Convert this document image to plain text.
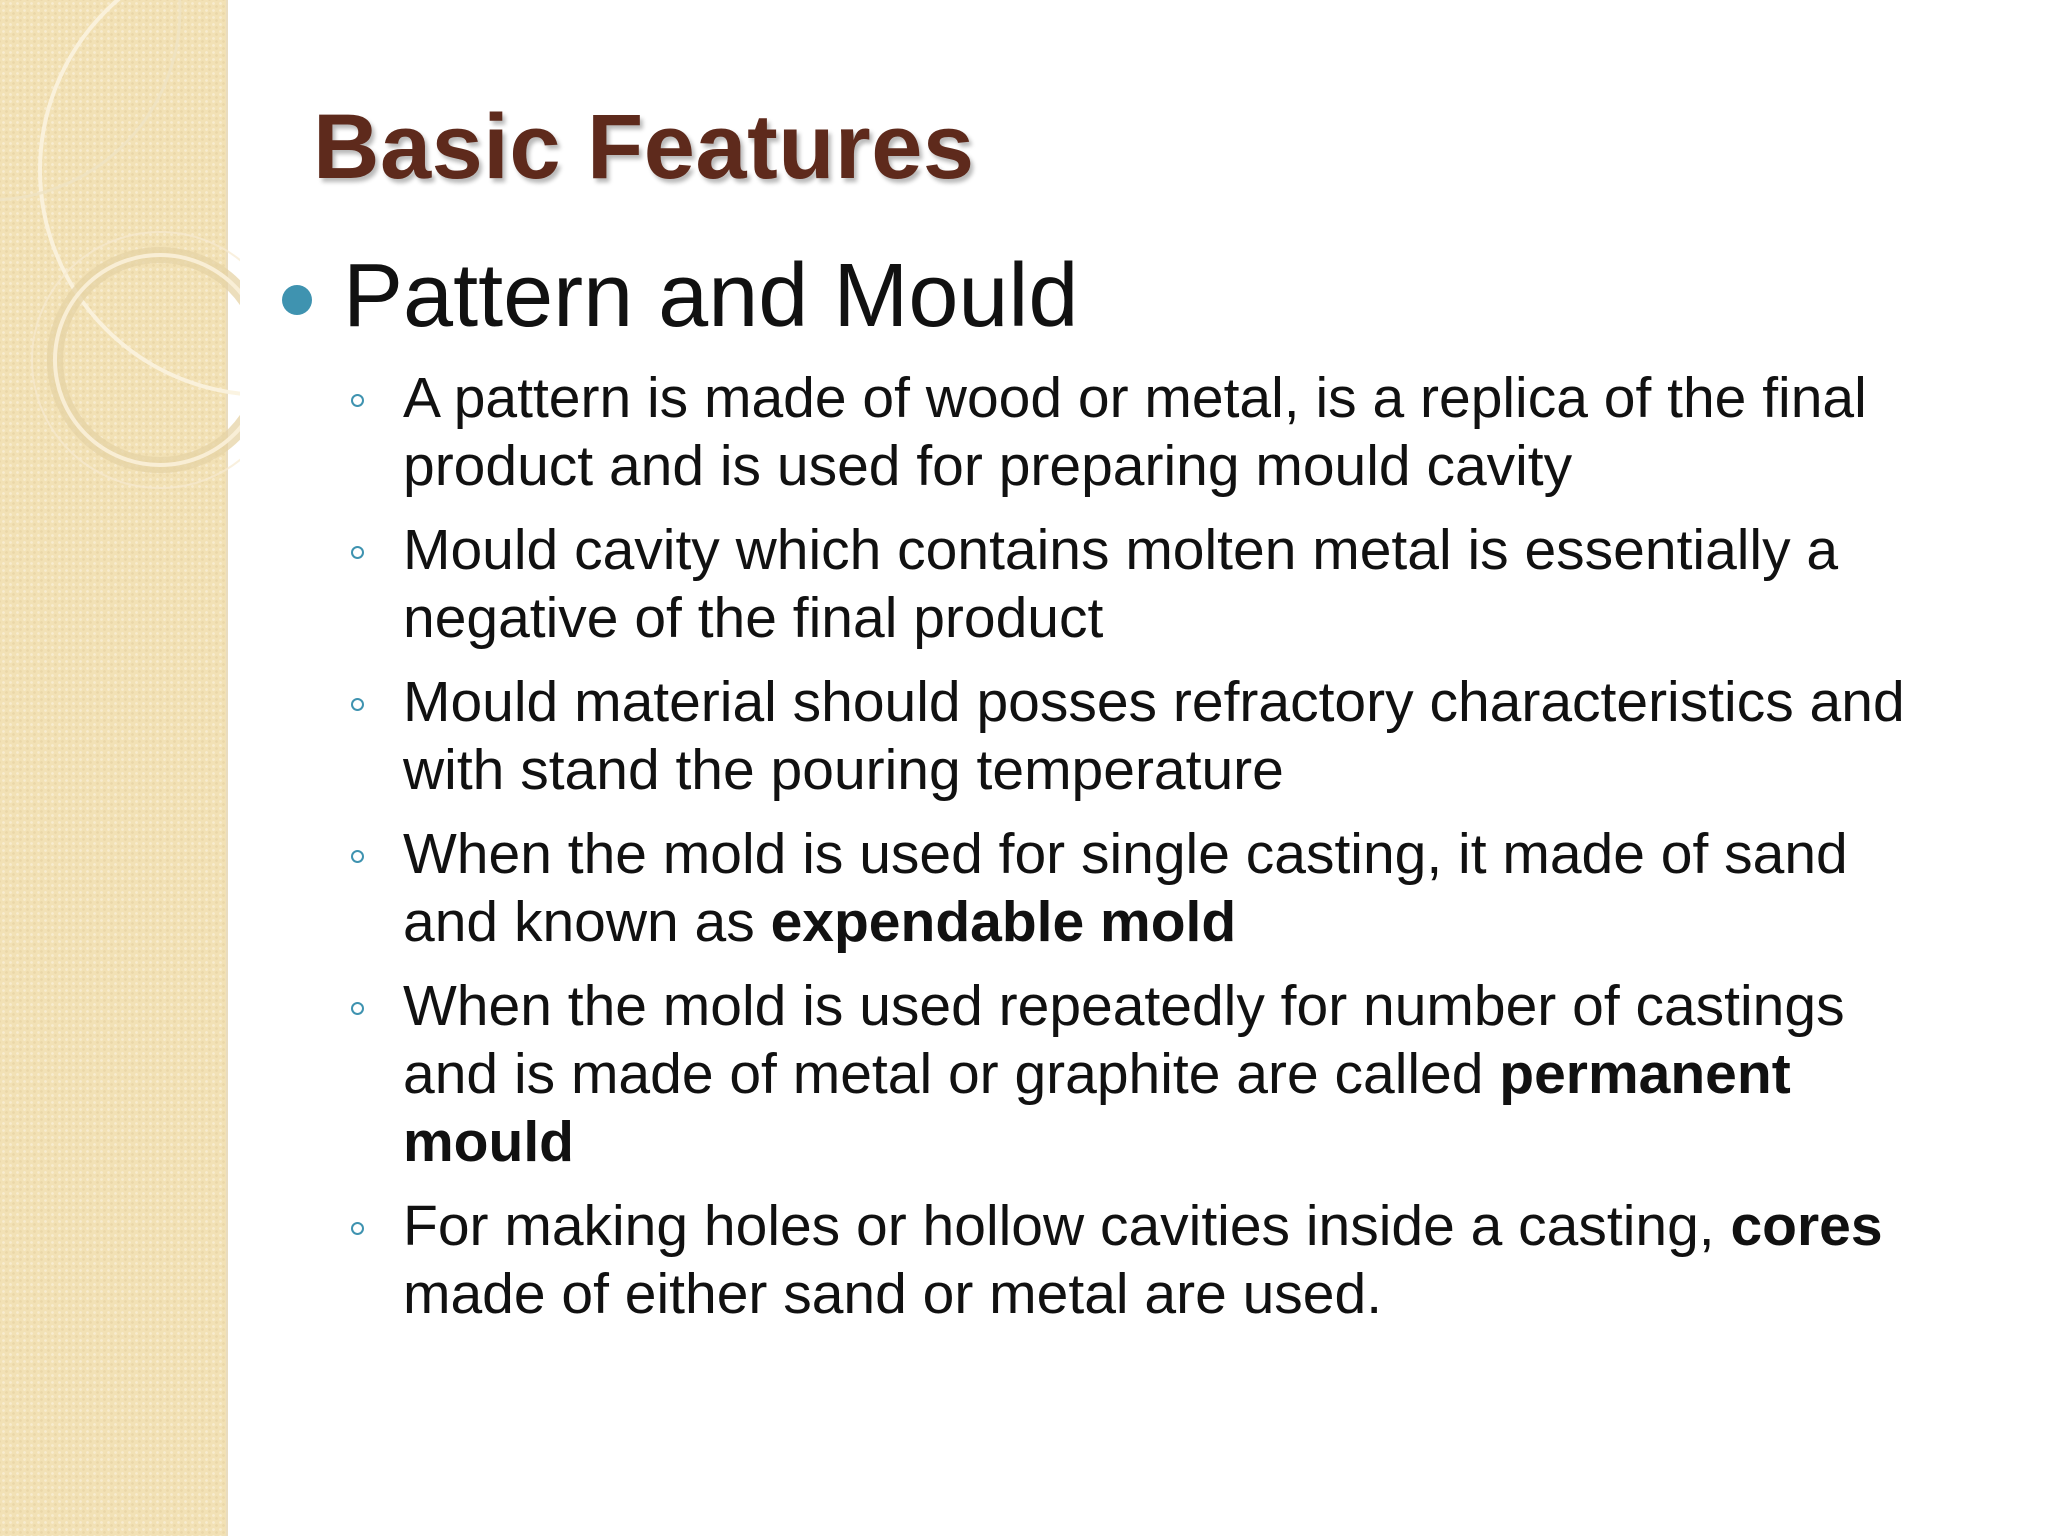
Basic Features
Pattern and Mould
A pattern is made of wood or metal, is a replica of the final product and is used for preparing mould cavity
Mould cavity which contains molten metal is essentially a negative of the final product
Mould material should posses refractory characteristics and with stand the pouring temperature
When the mold is used for single casting, it made of sand and known as expendable mold
When the mold is used repeatedly for number of castings and is made of metal or graphite are called permanent mould
For making holes or hollow cavities inside a casting, cores made of either sand or metal are used.
